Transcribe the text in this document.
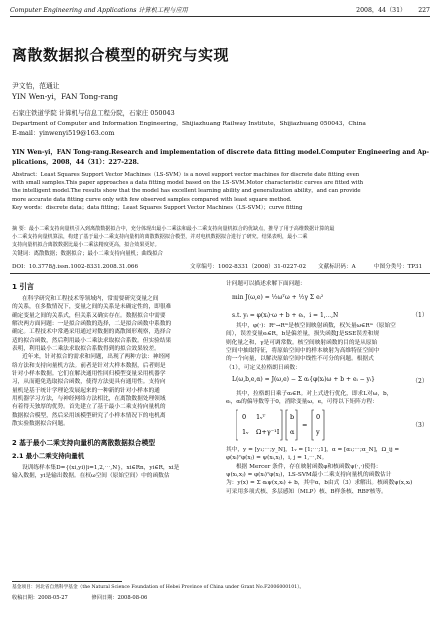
Computer Engineering and Applications 计算机工程与应用	2008，44（31） 227
离散数据拟合模型的研究与实现
尹文怡，范通让
YIN Wen-yi，FAN Tong-rang
石家庄铁道学院 计算机与信息工程分院，石家庄 050043
Department of Computer and Information Engineering，Shijiazhuang Railway Institute，Shijiazhuang 050043，China
E-mail：yinwenyi519@163.com
YIN Wen-yi，FAN Tong-rang.Research and implementation of discrete data fitting model.Computer Engineering and Ap-
plications，2008，44（31）：227-228.
Abstract：Least Squares Support Vector Machines（LS-SVM）is a novel support vector machines for discrete date fitting even
with small samples.This paper approaches a data fitting model based on the LS-SVM.Motor characteristic curves are fitted with
the intelligent model.The results show that the model has excellent learning ability and generalization ability，and can provide
more accurate data fitting curve only with few observed samples compared with least square method.
Key words：discrete data；data fitting；Least Squares Support Vector Machines（LS-SVM）；curve fitting
摘 要：最小二乘支持向量机引入到离散数据拟合中，充分体现出最小二乘法和最小二乘支持向量机拟合的优缺点，推导了用于高维数据计算的最
小二乘支持向量机算法，构建了基于最小二乘支持向量机的离散数据拟合模型，并对电机数据拟合进行了研究。结果表明，最小二乘
支持向量机拟合离散数据比最小二乘法精度更高，拟合效果更好。
关键词：离散数据；数据拟合；最小二乘支持向量机；曲线拟合
DOI：10.3778/j.issn.1002-8331.2008.31.066	文章编号：1002-8331（2008）31-0227-02 文献标识码：A	中图分类号：TP31
1 引言
在科学研究和工程技术等领域内，常需要研究变量之间
的关系，在多数情况下，变量之间的关系是未确定性的，即很难
确定变量之间的关系式，但关系又确实存在。数据拟合中需要
解决两方面问题：一是拟合函数的选择，二是拟合函数中系数的
确定。工程技术中常遇采用通过对数据的离散图形观察，选择合
适的拟合函数，然后利用最小二乘法求取拟合系数。但实验结果
表明，利用最小二乘法求取拟合系数得到的拟合效果较差。
近年来，针对拟合的需求和问题，出现了两种方法：神经网
络方法和支持向量机方法。前者是针对大样本数据，后者则是
针对小样本数据。它们在解决通用性回归模型变量采用机器学
习，从而避免选取拟合函数，使得方法更具有通用性。支持向
量机是基于统计学理论发展起来的一种新的针对小样本的通
用机器学习方法，与神经网络方法相比，在离散数据处理领域
有着得天独厚的优势。首先建立了基于最小二乘支持向量机的
数据拟合模型，然后采用该模型研究了小样本情况下的电机离
散实验数据拟合问题。
2 基于最小二乘支持向量机的离散数据拟合模型
2.1 最小二乘支持向量机
设训练样本集D={(xi,yi)|i=1,2,⋯,N}，xi∈Rn，yi∈R，xi是
输入数据，yi是输出数据。在权ω空间（原始空间）中的函数估
基金项目：河北省自然科学基金（the Natural Science Foundation of Hebei Province of China under Grant No.F2006000101）。
收稿日期：2008-05-27	修回日期：2008-08-06
计问题可以描述求解下面问题：
min J(ω,e) = ½ωᵀω + ½γ Σ eᵢ²
s.t. yᵢ = φ(xᵢ)·ω + b + eᵢ，i = 1,⋯,N	（1）
其中，φ(·)：Rⁿ→Rᵐ是核空间映射函数，权矢量ω∈Rᵐ（原始空
间），误差变量eᵢ∈R，b是偏差量，损失函数J是SSE误差和规
则化量之和，γ是可调常数。核空间映射函数的目的是从原始
空间中抽取特征，将原始空间中的样本映射为高维特征空间中
的一个向量，以解决原始空间中线性不可分的问题。根据式
（1），可定义拉格朗日函数：
L(ω,b,e,α) = J(ω,e) − Σ αᵢ{φ(xᵢ)ω + b + eᵢ − yᵢ}	（2）
其中，拉格朗日乘子αᵢ∈R。对上式进行优化，即求L对ω，b，
eᵢ，αᵢ的偏导数等于0，消除变量ω，e，可得以下矩阵方程：
0 1ᵥᵀ
1ᵥ Ω+γ⁻¹I
b
α
=
0
y
（3）
其中，y = [y₁;⋯;y_N]，1ᵥ = [1;⋯;1]，α = [α₁;⋯;α_N]，Ω_ij =
φ(xᵢ)ᵀφ(xⱼ) = ψ(xᵢ,xⱼ)，i, j = 1,⋯,N。
根据 Mercer 条件，存在映射函数φ和核函数ψ(·,·)使得：
ψ(xᵢ,xⱼ) = φ(xᵢ)ᵀφ(xⱼ)，LS-SVM最小二乘支持向量机的函数估计
为：y(x) = Σ αᵢψ(x,xᵢ) + b，其中α，b由式（3）求解出。核函数ψ(x,xᵢ)
可采用多项式核、多层感知（MLP）核、B样条核、RBF核等。
